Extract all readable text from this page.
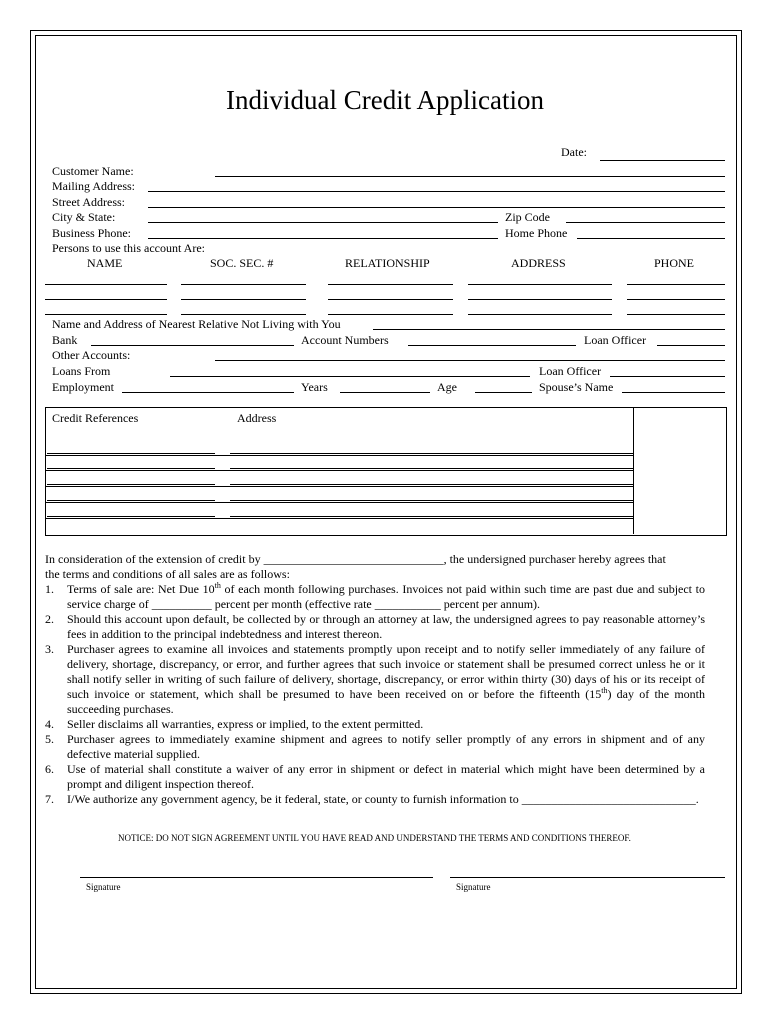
Individual Credit Application
Date:
Customer Name:
Mailing Address:
Street Address:
City & State:	Zip Code
Business Phone:	Home Phone
Persons to use this account Are:
NAME	SOC. SEC. #	RELATIONSHIP	ADDRESS	PHONE
Name and Address of Nearest Relative Not Living with You
Bank	Account Numbers	Loan Officer
Other Accounts:
Loans From	Loan Officer
Employment	Years	Age	Spouse’s Name
Credit References	Address

In consideration of the extension of credit by ______________________________, the undersigned purchaser hereby agrees that

the terms and conditions of all sales are as follows:

1. Terms of sale are: Net Due 10th of each month following purchases. Invoices not paid within such time are past due and subject to service charge of __________ percent per month (effective rate ___________ percent per annum).
2. Should this account upon default, be collected by or through an attorney at law, the undersigned agrees to pay reasonable attorney’s fees in addition to the principal indebtedness and interest thereon.
3. Purchaser agrees to examine all invoices and statements promptly upon receipt and to notify seller immediately of any failure of delivery, shortage, discrepancy, or error, and further agrees that such invoice or statement shall be presumed correct unless he or it shall notify seller in writing of such failure of delivery, shortage, discrepancy, or error within thirty (30) days of his or its receipt of such invoice or statement, which shall be presumed to have been received on or before the fifteenth (15th) day of the month succeeding purchases.
4. Seller disclaims all warranties, express or implied, to the extent permitted.
5. Purchaser agrees to immediately examine shipment and agrees to notify seller promptly of any errors in shipment and of any defective material supplied.
6. Use of material shall constitute a waiver of any error in shipment or defect in material which might have been determined by a prompt and diligent inspection thereof.
7. I/We authorize any government agency, be it federal, state, or county to furnish information to _____________________________.
NOTICE: DO NOT SIGN AGREEMENT UNTIL YOU HAVE READ AND UNDERSTAND THE TERMS AND CONDITIONS THEREOF.
Signature	Signature
